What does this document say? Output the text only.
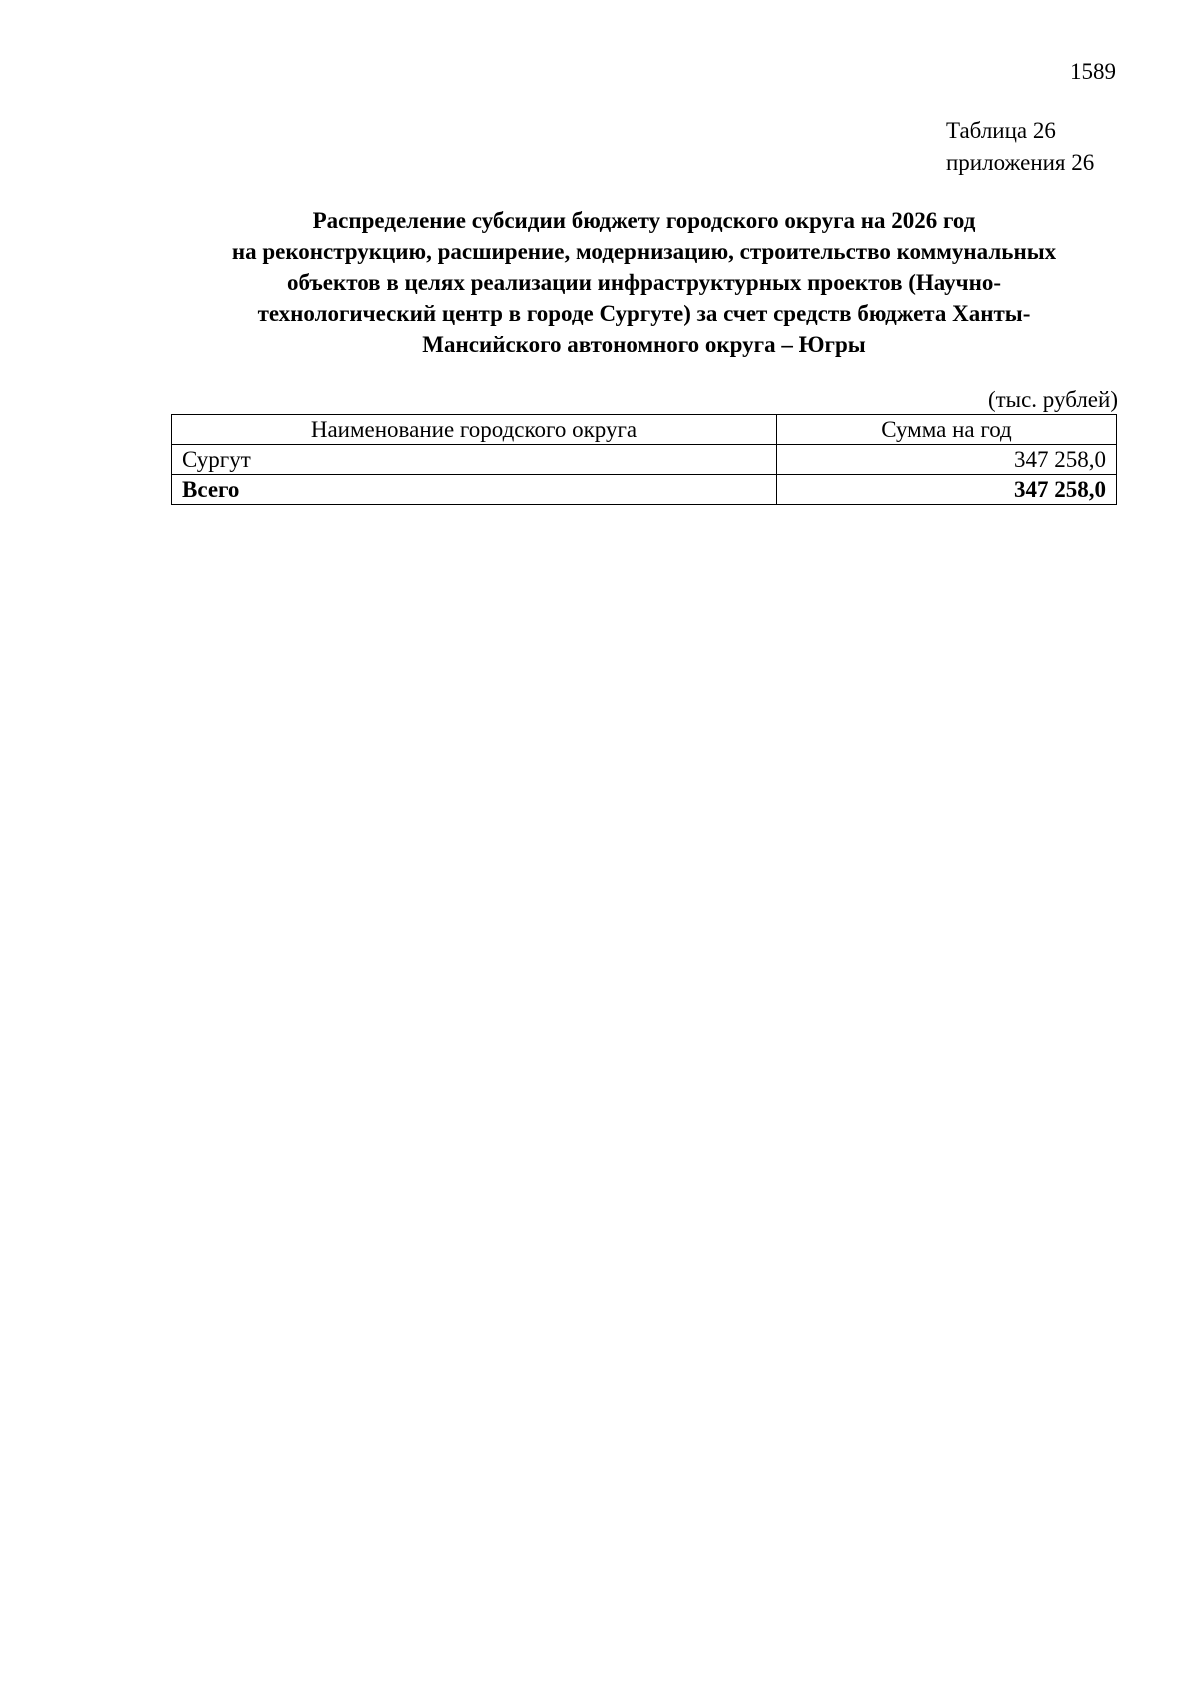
1589
Таблица 26
приложения 26
Распределение субсидии бюджету городского округа на 2026 год
на реконструкцию, расширение, модернизацию, строительство коммунальных
объектов в целях реализации инфраструктурных проектов (Научно-
технологический центр в городе Сургуте) за счет средств бюджета Ханты-
Мансийского автономного округа – Югры
(тыс. рублей)
Наименование городского округа	Сумма на год
Сургут	347 258,0
Всего	347 258,0
